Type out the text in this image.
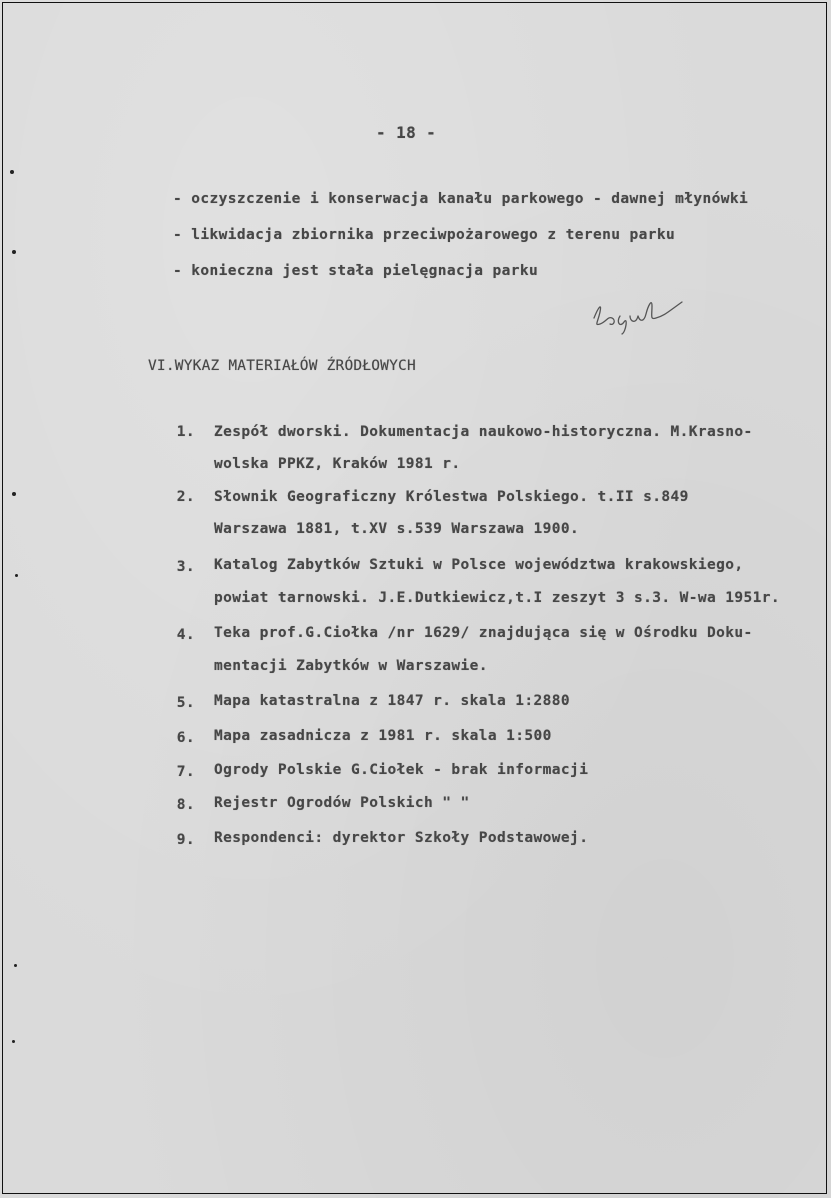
- 18 -
- oczyszczenie i konserwacja kanału parkowego - dawnej młynówki
- likwidacja zbiornika przeciwpożarowego z terenu parku
- konieczna jest stała pielęgnacja parku
VI.WYKAZ MATERIAŁÓW ŹRÓDŁOWYCH
1. Zespół dworski. Dokumentacja naukowo-historyczna. M.Krasno-
wolska PPKZ, Kraków 1981 r.
2. Słownik Geograficzny Królestwa Polskiego. t.II s.849
Warszawa 1881, t.XV s.539 Warszawa 1900.
3. Katalog Zabytków Sztuki w Polsce województwa krakowskiego,
powiat tarnowski. J.E.Dutkiewicz,t.I zeszyt 3 s.3. W-wa 1951r.
4. Teka prof.G.Ciołka /nr 1629/ znajdująca się w Ośrodku Doku-
mentacji Zabytków w Warszawie.
5. Mapa katastralna z 1847 r. skala 1:2880
6. Mapa zasadnicza z 1981 r. skala 1:500
7. Ogrody Polskie G.Ciołek - brak informacji
8. Rejestr Ogrodów Polskich " "
9. Respondenci: dyrektor Szkoły Podstawowej.
